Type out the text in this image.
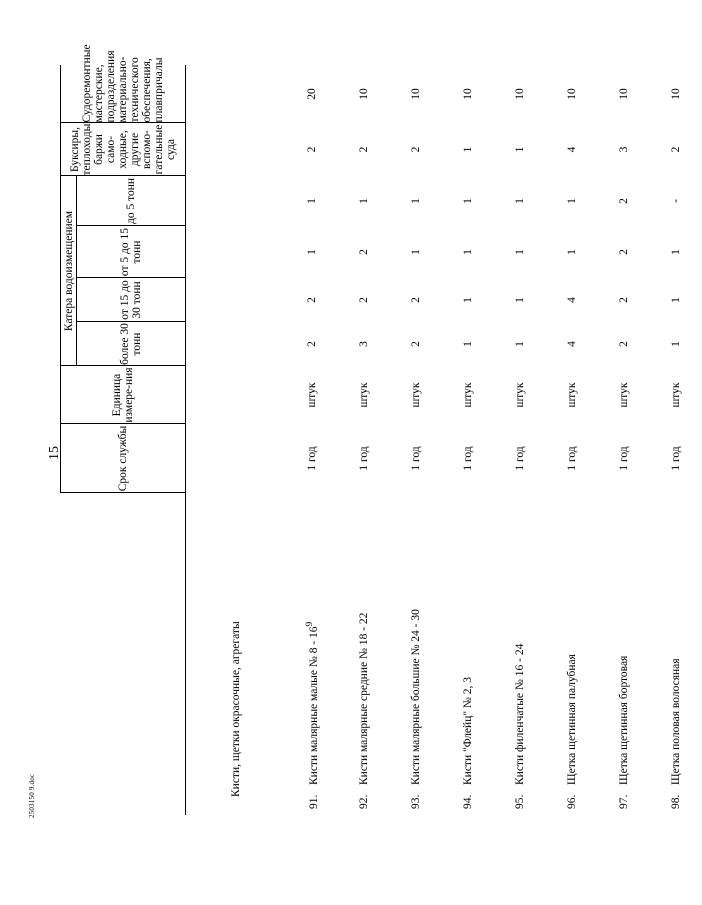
15
2503150 9.doc
	Срок службы	Единица измере-ния	Катера водоизмещением				Буксиры, теплоходы, баржи само-ходные, другие вспомо-гательные суда	Судоремонтные мастерские, подразделения материально-технического обеспечения, плавпричалы
			более 30 тонн	от 15 до 30 тонн	от 5 до 15 тонн	до 5 тонн		
Кисти, щетки окрасочные, агрегаты								
91.Кисти малярные малые № $8 - 16^9$	1 год	штук	2	2	1	1	2	20
92.Кисти малярные средние № 18 - 22	1 год	штук	3	2	2	1	2	10
93.Кисти малярные большие № 24 - 30	1 год	штук	2	2	1	1	2	10
94.Кисти "Флейц" № 2, 3	1 год	штук	1	1	1	1	1	10
95.Кисти филенчатые № 16 - 24	1 год	штук	1	1	1	1	1	10
96.Щетка щетинная палубная	1 год	штук	4	4	1	1	4	10
97.Щетка щетинная бортовая	1 год	штук	2	2	2	2	3	10
98.Щетка половая волосяная	1 год	штук	1	1	1	-	2	10
